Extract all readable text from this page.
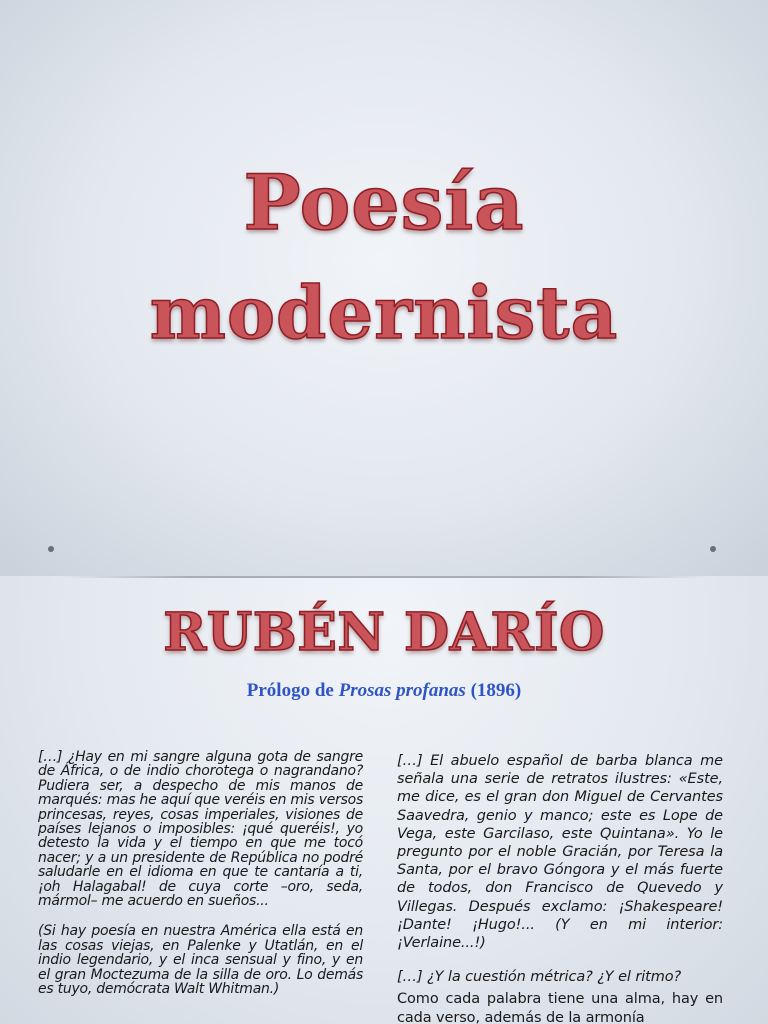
Poesía
modernista
RUBÉN DARÍO
Prólogo de Prosas profanas (1896)

[…] ¿Hay en mi sangre alguna gota de sangre de África, o de indio chorotega o nagrandano? Pudiera ser, a despecho de mis manos de marqués: mas he aquí que veréis en mis versos princesas, reyes, cosas imperiales, visiones de países lejanos o imposibles: ¡qué queréis!, yo detesto la vida y el tiempo en que me tocó nacer; y a un presidente de República no podré saludarle en el idioma en que te cantaría a ti, ¡oh Halagabal! de cuya corte –oro, seda, mármol– me acuerdo en sueños...

(Si hay poesía en nuestra América ella está en las cosas viejas, en Palenke y Utatlán, en el indio legendario, y el inca sensual y fino, y en el gran Moctezuma de la silla de oro. Lo demás es tuyo, demócrata Walt Whitman.)

[…] El abuelo español de barba blanca me señala una serie de retratos ilustres: «Este, me dice, es el gran don Miguel de Cervantes Saavedra, genio y manco; este es Lope de Vega, este Garcilaso, este Quintana». Yo le pregunto por el noble Gracián, por Teresa la Santa, por el bravo Góngora y el más fuerte de todos, don Francisco de Quevedo y Villegas. Después exclamo: ¡Shakespeare! ¡Dante! ¡Hugo!... (Y en mi interior: ¡Verlaine...!)

[…] ¿Y la cuestión métrica? ¿Y el ritmo?

Como cada palabra tiene una alma, hay en cada verso, además de la armonía
